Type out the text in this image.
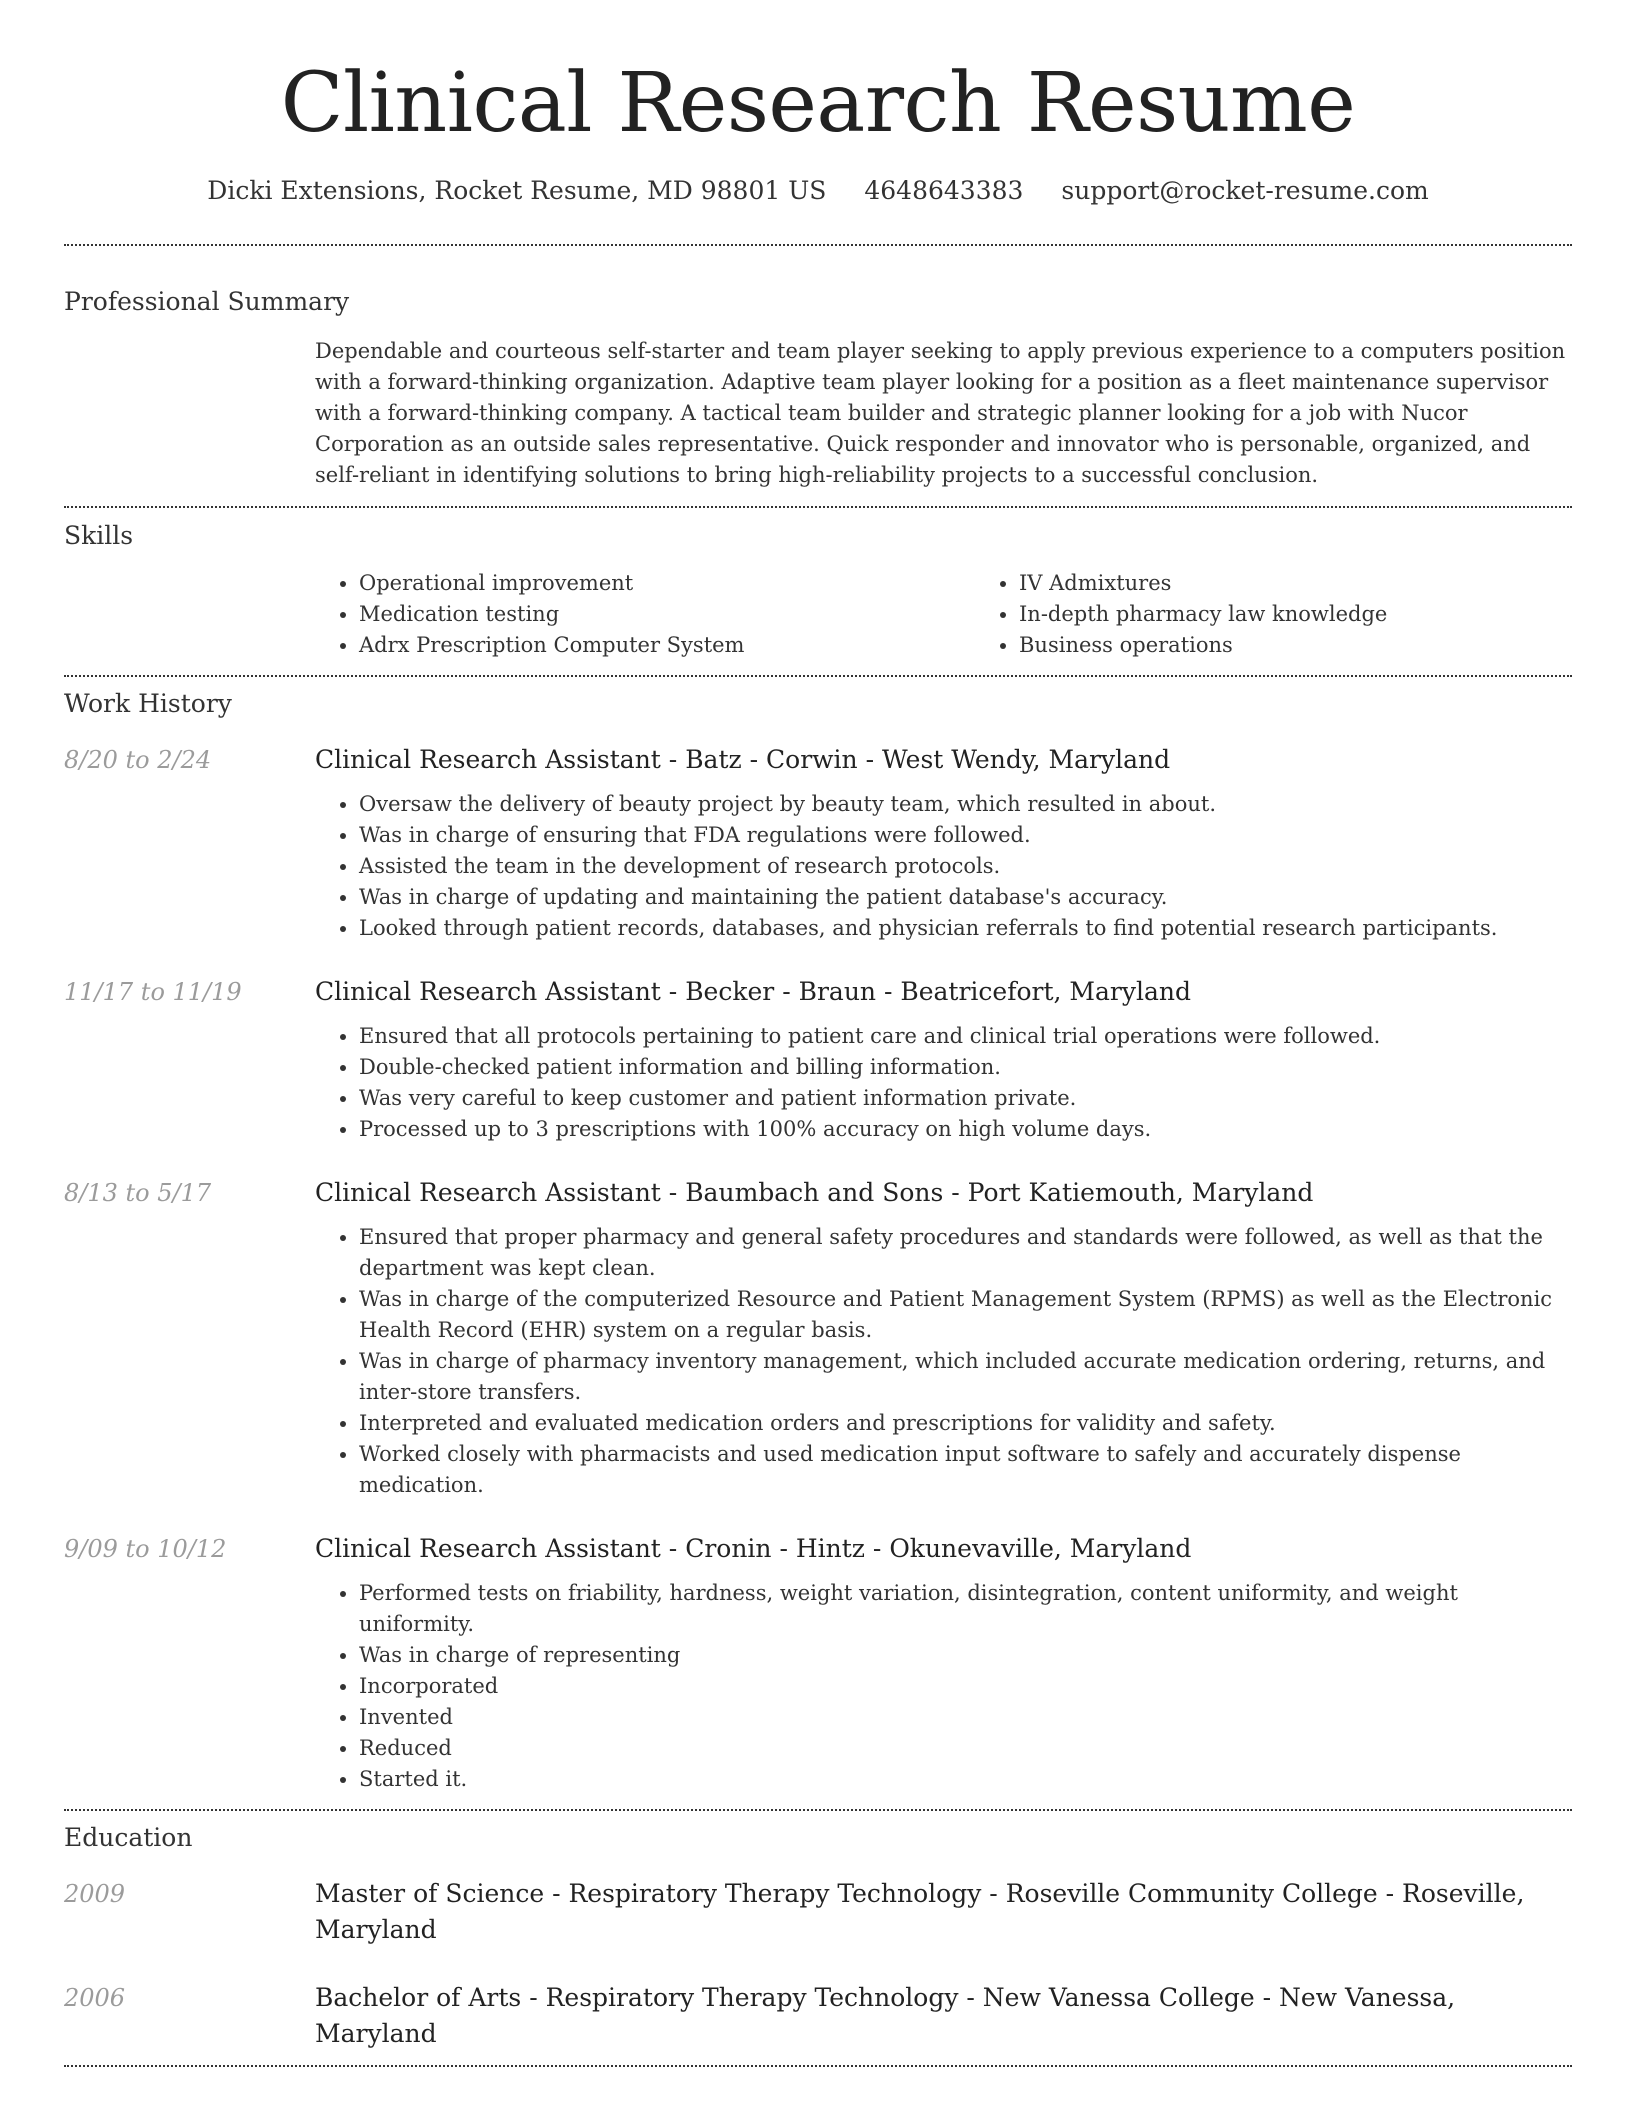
Clinical Research Resume
Dicki Extensions, Rocket Resume, MD 98801 US 4648643383 support@rocket-resume.com
Professional Summary

Dependable and courteous self-starter and team player seeking to apply previous experience to a computers position with a forward-thinking organization. Adaptive team player looking for a position as a fleet maintenance supervisor with a forward-thinking company. A tactical team builder and strategic planner looking for a job with Nucor Corporation as an outside sales representative. Quick responder and innovator who is personable, organized, and self-reliant in identifying solutions to bring high-reliability projects to a successful conclusion.

Skills
• Operational improvement
• Medication testing
• Adrx Prescription Computer System
• IV Admixtures
• In-depth pharmacy law knowledge
• Business operations
Work History
8/20 to 2/24	Clinical Research Assistant - Batz - Corwin - West Wendy, Maryland
• Oversaw the delivery of beauty project by beauty team, which resulted in about.
• Was in charge of ensuring that FDA regulations were followed.
• Assisted the team in the development of research protocols.
• Was in charge of updating and maintaining the patient database's accuracy.
• Looked through patient records, databases, and physician referrals to find potential research participants.
11/17 to 11/19	Clinical Research Assistant - Becker - Braun - Beatricefort, Maryland
• Ensured that all protocols pertaining to patient care and clinical trial operations were followed.
• Double-checked patient information and billing information.
• Was very careful to keep customer and patient information private.
• Processed up to 3 prescriptions with 100% accuracy on high volume days.
8/13 to 5/17	Clinical Research Assistant - Baumbach and Sons - Port Katiemouth, Maryland
• Ensured that proper pharmacy and general safety procedures and standards were followed, as well as that the department was kept clean.
• Was in charge of the computerized Resource and Patient Management System (RPMS) as well as the Electronic Health Record (EHR) system on a regular basis.
• Was in charge of pharmacy inventory management, which included accurate medication ordering, returns, and inter-store transfers.
• Interpreted and evaluated medication orders and prescriptions for validity and safety.
• Worked closely with pharmacists and used medication input software to safely and accurately dispense medication.
9/09 to 10/12	Clinical Research Assistant - Cronin - Hintz - Okunevaville, Maryland
• Performed tests on friability, hardness, weight variation, disintegration, content uniformity, and weight uniformity.
• Was in charge of representing
• Incorporated
• Invented
• Reduced
• Started it.
Education
2009	Master of Science - Respiratory Therapy Technology - Roseville Community College - Roseville, Maryland
2006	Bachelor of Arts - Respiratory Therapy Technology - New Vanessa College - New Vanessa, Maryland
